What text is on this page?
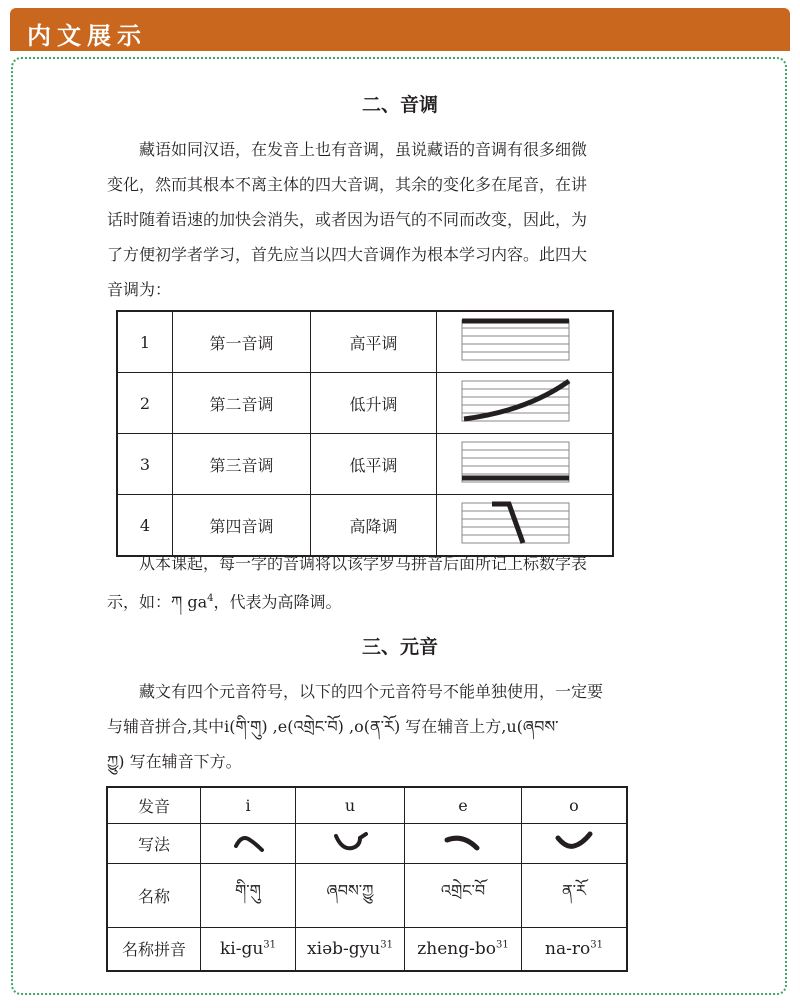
内文展示
二、音调
藏语如同汉语，在发音上也有音调，虽说藏语的音调有很多细微
变化，然而其根本不离主体的四大音调，其余的变化多在尾音，在讲
话时随着语速的加快会消失，或者因为语气的不同而改变，因此，为
了方便初学者学习，首先应当以四大音调作为根本学习内容。此四大
音调为：
1	第一音调	高平调	
2	第二音调	低升调	
3	第三音调	低平调	
4	第四音调	高降调	
从本课起，每一字的音调将以该字罗马拼音后面所记上标数字表
示，如：ཀ $ga^4$，代表为高降调。
三、元音
藏文有四个元音符号，以下的四个元音符号不能单独使用，一定要
与辅音拼合,其中i(གི་གུ) ,e(འགྲེང་བོ) ,o(ན་རོ) 写在辅音上方,u(ཞབས་
ཀྱུ) 写在辅音下方。
发音	i	u	e	o
写法				
名称	གི་གུ	ཞབས་ཀྱུ	འགྲེང་བོ	ན་རོ
名称拼音	$ki-gu^{31}$	xiəb-gyu$^{31}$	zheng-$bo^{31}$	$na-ro^{31}$
